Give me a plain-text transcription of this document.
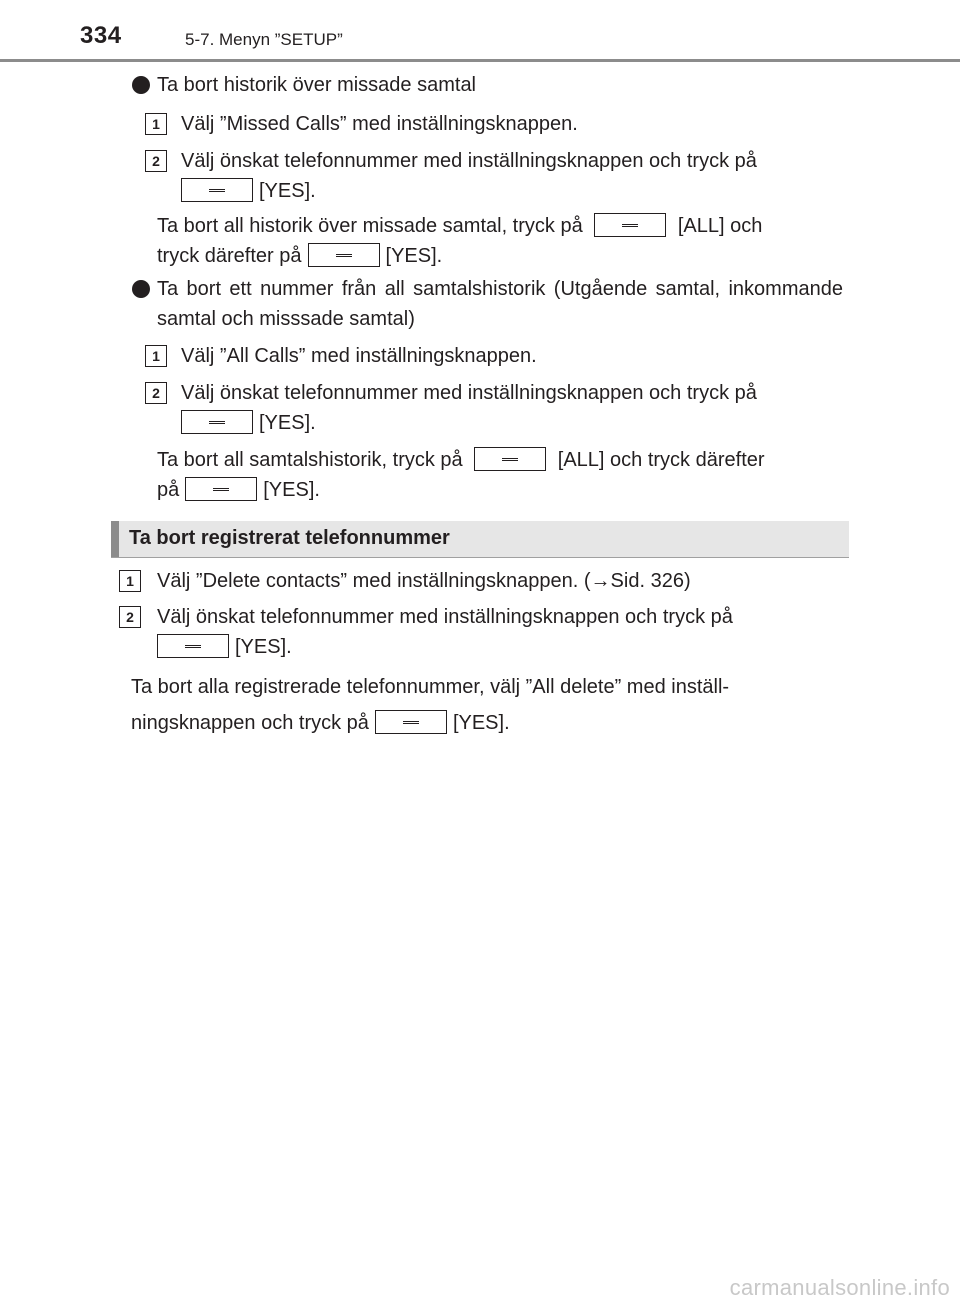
334	5-7. Menyn ”SETUP”
Ta bort historik över missade samtal
1	Välj ”Missed Calls” med inställningsknappen.
2	Välj önskat telefonnummer med inställningsknappen och tryck på
[YES].
Ta bort all historik över missade samtal, tryck på	[ALL] och
tryck därefter på	[YES].
Ta bort ett nummer från all samtalshistorik (Utgående samtal, inkommande samtal och misssade samtal)
1	Välj ”All Calls” med inställningsknappen.
2	Välj önskat telefonnummer med inställningsknappen och tryck på
[YES].
Ta bort all samtalshistorik, tryck på	[ALL] och tryck därefter
på	[YES].
Ta bort registrerat telefonnummer
1	Välj ”Delete contacts” med inställningsknappen. (→Sid. 326)
2	Välj önskat telefonnummer med inställningsknappen och tryck på
[YES].
Ta bort alla registrerade telefonnummer, välj ”All delete” med inställ-
ningsknappen och tryck på	[YES].
carmanualsonline.info
